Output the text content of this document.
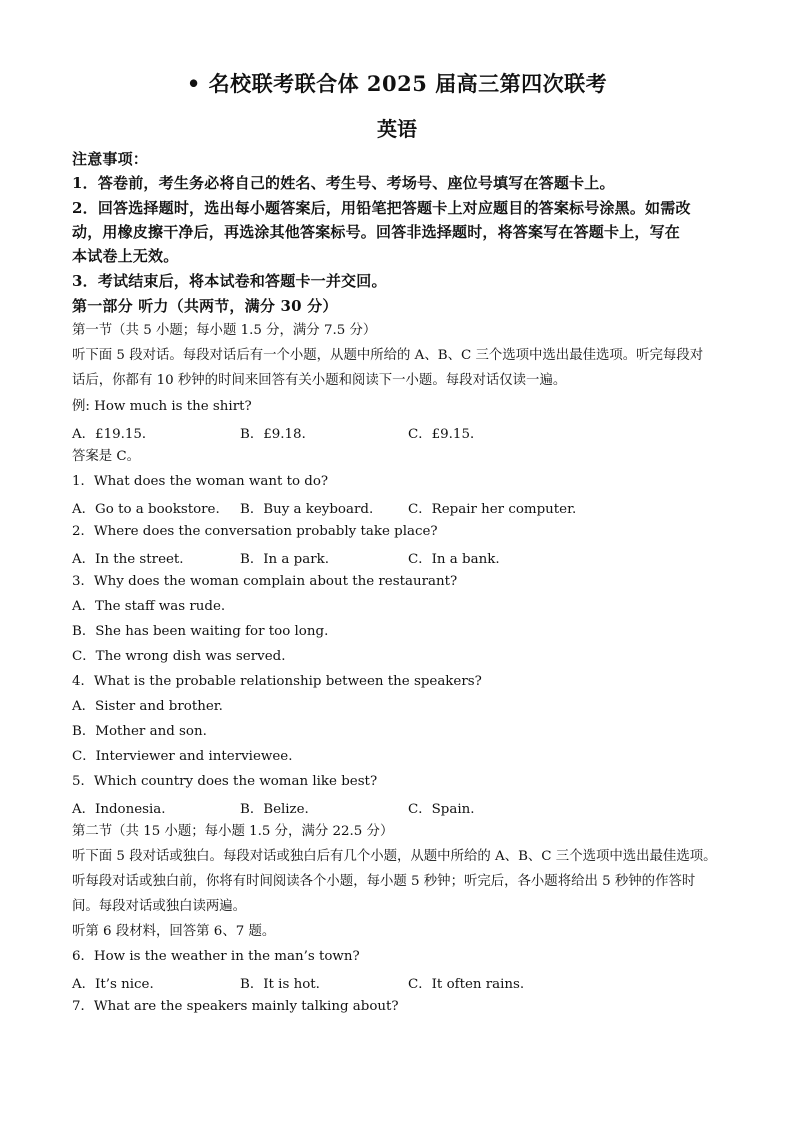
• 名校联考联合体 2025 届高三第四次联考
英语
注意事项：
1．答卷前，考生务必将自己的姓名、考生号、考场号、座位号填写在答题卡上。
2．回答选择题时，选出每小题答案后，用铅笔把答题卡上对应题目的答案标号涂黑。如需改
动，用橡皮擦干净后，再选涂其他答案标号。回答非选择题时，将答案写在答题卡上，写在
本试卷上无效。
3．考试结束后，将本试卷和答题卡一并交回。
第一部分 听力（共两节，满分 30 分）
第一节（共 5 小题；每小题 1.5 分，满分 7.5 分）
听下面 5 段对话。每段对话后有一个小题，从题中所给的 A、B、C 三个选项中选出最佳选项。听完每段对
话后，你都有 10 秒钟的时间来回答有关小题和阅读下一小题。每段对话仅读一遍。
例: How much is the shirt?
A．£19.15．	B．£9.18．	C．£9.15．
答案是 C。
1．What does the woman want to do?
A．Go to a bookstore. B．Buy a keyboard.	C．Repair her computer.
2．Where does the conversation probably take place?
A．In the street.	B．In a park.	C．In a bank.
3．Why does the woman complain about the restaurant?
A．The staff was rude.
B．She has been waiting for too long.
C．The wrong dish was served.
4．What is the probable relationship between the speakers?
A．Sister and brother.
B．Mother and son.
C．Interviewer and interviewee.
5．Which country does the woman like best?
A．Indonesia.	B．Belize.	C．Spain.
第二节（共 15 小题；每小题 1.5 分，满分 22.5 分）
听下面 5 段对话或独白。每段对话或独白后有几个小题，从题中所给的 A、B、C 三个选项中选出最佳选项。
听每段对话或独白前，你将有时间阅读各个小题，每小题 5 秒钟；听完后，各小题将给出 5 秒钟的作答时
间。每段对话或独白读两遍。
听第 6 段材料，回答第 6、7 题。
6．How is the weather in the man’s town?
A．It’s nice.	B．It is hot.	C．It often rains.
7．What are the speakers mainly talking about?
